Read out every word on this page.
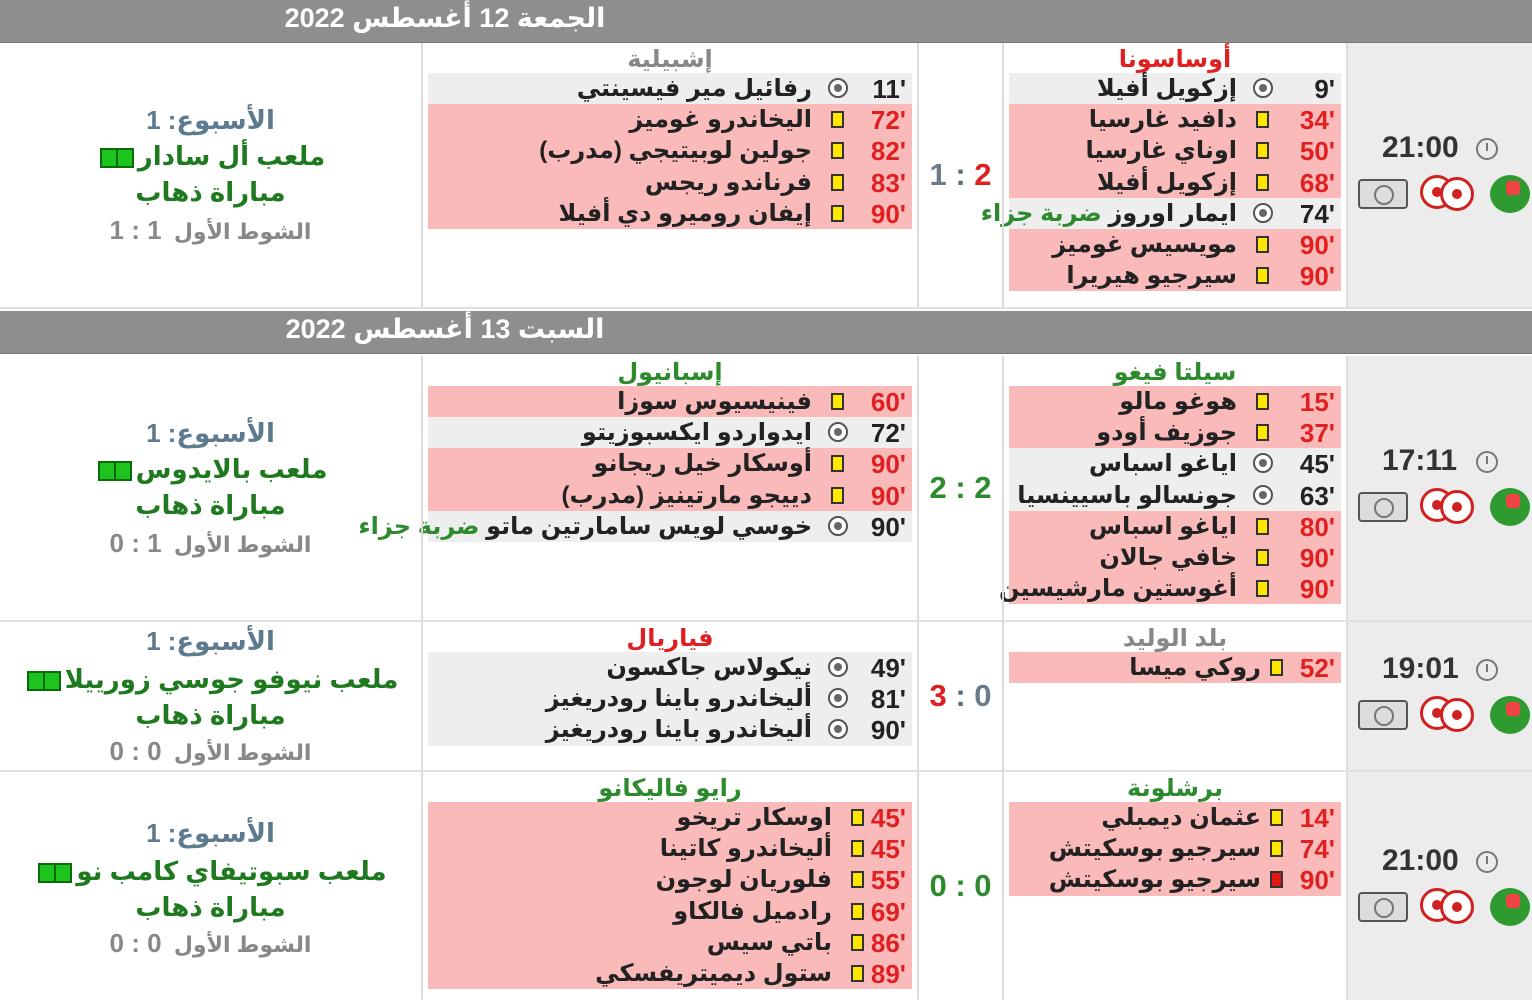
الجمعة 12 أغسطس 2022
21:00
أوساسونا
9'
إزكويل أفيلا
34'
دافيد غارسيا
50'
اوناي غارسيا
68'
إزكويل أفيلا
74'
ايمار اوروز ضربة جزاء
90'
مويسيس غوميز
90'
سيرجيو هيريرا
1 : 2
إشبيلية
11'
رفائيل مير فيسينتي
72'
اليخاندرو غوميز
82'
جولين لوبيتيجي (مدرب)
83'
فرناندو ريجس
90'
إيفان روميرو دي أفيلا
الأسبوع: 1
ملعب أل سادار
مباراة ذهاب
الشوط الأول  1 : 1
السبت 13 أغسطس 2022
17:11
سيلتا فيغو
15'
هوغو مالو
37'
جوزيف أودو
45'
اياغو اسباس
63'
جونسالو باسيينسيا
80'
اياغو اسباس
90'
خافي جالان
90'
أغوستين مارشيسين
2 : 2
إسبانيول
60'
فينيسيوس سوزا
72'
ايدواردو ايكسبوزيتو
90'
أوسكار خيل ريجانو
90'
دييجو مارتينيز (مدرب)
90'
خوسي لويس سامارتين ماتو ضربة جزاء
الأسبوع: 1
ملعب بالايدوس
مباراة ذهاب
الشوط الأول  1 : 0
19:01
بلد الوليد
52'
روكي ميسا
3 : 0
فياريال
49'
نيكولاس جاكسون
81'
أليخاندرو باينا رودريغيز
90'
أليخاندرو باينا رودريغيز
الأسبوع: 1
ملعب نيوفو جوسي زورييلا
مباراة ذهاب
الشوط الأول  0 : 0
21:00
برشلونة
14'
عثمان ديمبلي
74'
سيرجيو بوسكيتش
90'
سيرجيو بوسكيتش
0 : 0
رايو فاليكانو
45'
اوسكار تريخو
45'
أليخاندرو كاتينا
55'
فلوريان لوجون
69'
رادميل فالكاو
86'
باتي سيس
89'
ستول ديميتريفسكي
الأسبوع: 1
ملعب سبوتيفاي كامب نو
مباراة ذهاب
الشوط الأول  0 : 0
